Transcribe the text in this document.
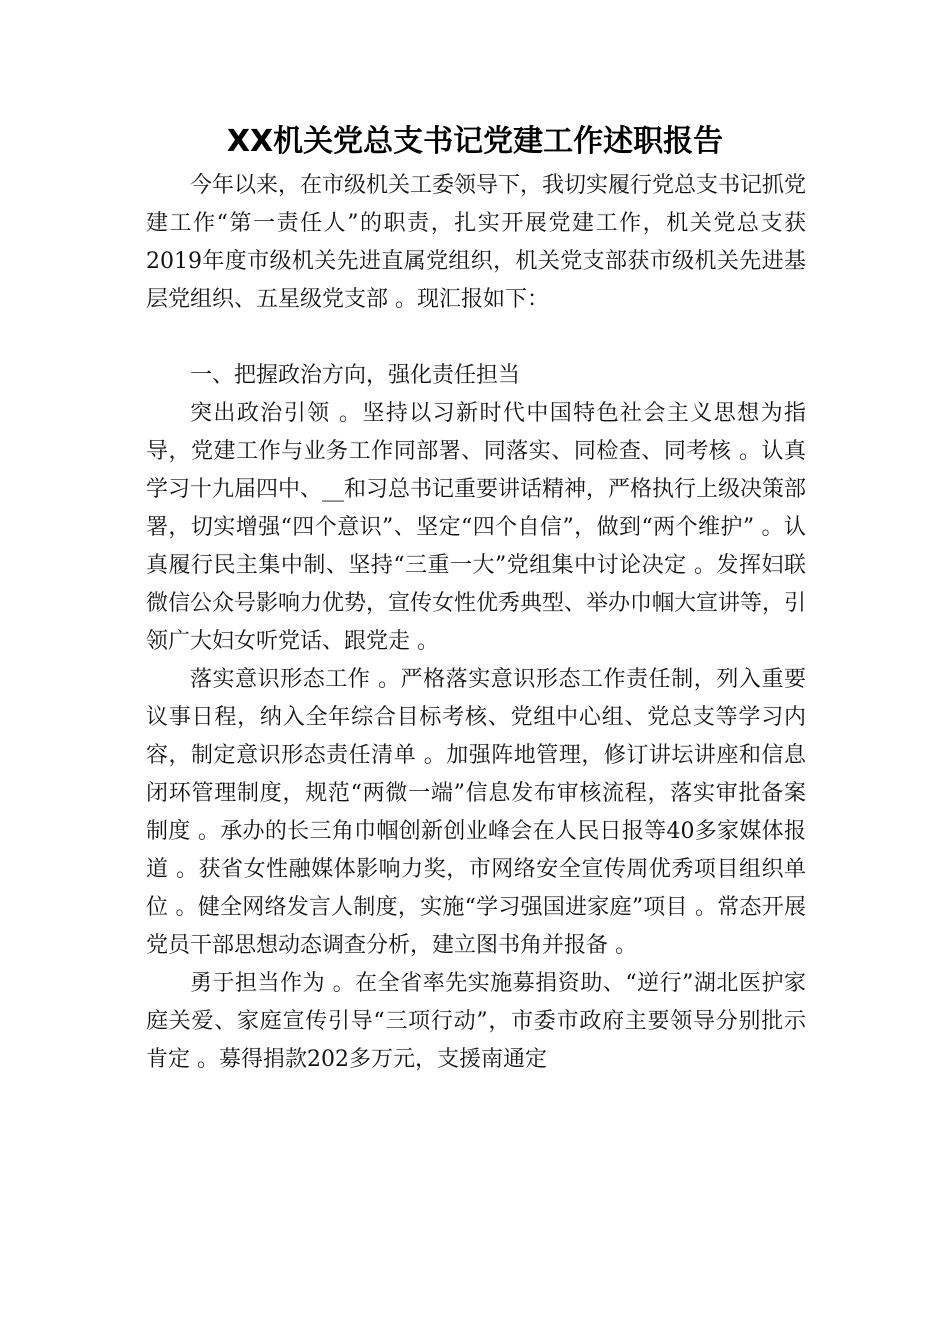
XX机关党总支书记党建工作述职报告

今年以来，在市级机关工委领导下，我切实履行党总支书记抓党建工作“第一责任人”的职责，扎实开展党建工作，机关党总支获2019年度市级机关先进直属党组织，机关党支部获市级机关先进基层党组织、五星级党支部 。现汇报如下：

一、把握政治方向，强化责任担当

突出政治引领 。坚持以习新时代中国特色社会主义思想为指导，党建工作与业务工作同部署、同落实、同检查、同考核 。认真学习十九届四中、__和习总书记重要讲话精神，严格执行上级决策部署，切实增强“四个意识”、坚定“四个自信”，做到“两个维护” 。认真履行民主集中制、坚持“三重一大”党组集中讨论决定 。发挥妇联微信公众号影响力优势，宣传女性优秀典型、举办巾帼大宣讲等，引领广大妇女听党话、跟党走 。

落实意识形态工作 。严格落实意识形态工作责任制，列入重要议事日程，纳入全年综合目标考核、党组中心组、党总支等学习内容，制定意识形态责任清单 。加强阵地管理，修订讲坛讲座和信息闭环管理制度，规范“两微一端”信息发布审核流程，落实审批备案制度 。承办的长三角巾帼创新创业峰会在人民日报等40多家媒体报道 。获省女性融媒体影响力奖，市网络安全宣传周优秀项目组织单位 。健全网络发言人制度，实施“学习强国进家庭”项目 。常态开展党员干部思想动态调查分析，建立图书角并报备 。

勇于担当作为 。在全省率先实施募捐资助、“逆行”湖北医护家庭关爱、家庭宣传引导“三项行动”，市委市政府主要领导分别批示肯定 。募得捐款202多万元，支援南通定
